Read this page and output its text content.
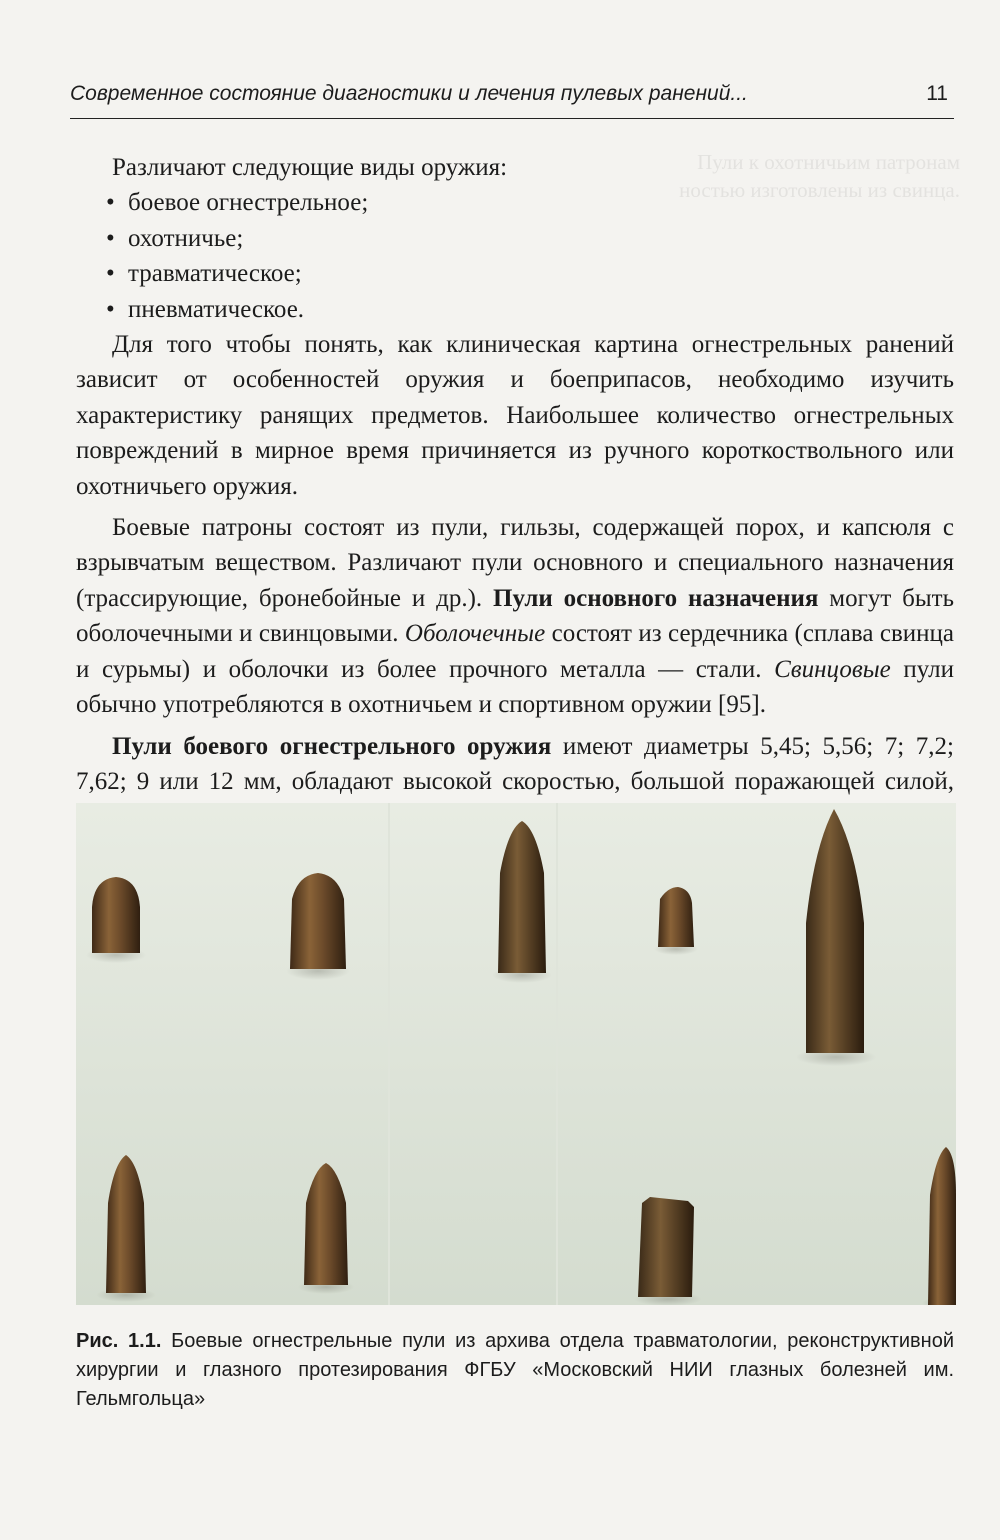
Пули к охотничьим патронам
ностью изготовлены из свинца.
Современное состояние диагностики и лечения пулевых ранений...	11

Различают следующие виды оружия:

• боевое огнестрельное;
• охотничье;
• травматическое;
• пневматическое.

Для того чтобы понять, как клиническая картина огнестрельных ранений зависит от особенностей оружия и боеприпасов, необходимо изучить характеристику ранящих предметов. Наибольшее количество огнестрельных повреждений в мирное время причиняется из ручного короткоствольного или охотничьего оружия.

Боевые патроны состоят из пули, гильзы, содержащей порох, и капсюля с взрывчатым веществом. Различают пули основного и специального назначения (трассирующие, бронебойные и др.). Пули основного назначения могут быть оболочечными и свинцовыми. Оболочечные состоят из сердечника (сплава свинца и сурьмы) и оболочки из более прочного металла — стали. Свинцовые пули обычно употребляются в охотничьем и спортивном оружии [95].

Пули боевого огнестрельного оружия имеют диаметры 5,45; 5,56; 7; 7,2; 7,62; 9 или 12 мм, обладают высокой скоростью, большой поражающей силой,

Рис. 1.1. Боевые огнестрельные пули из архива отдела травматологии, реконструктивной хирургии и глазного протезирования ФГБУ «Московский НИИ глазных болезней им. Гельмгольца»
